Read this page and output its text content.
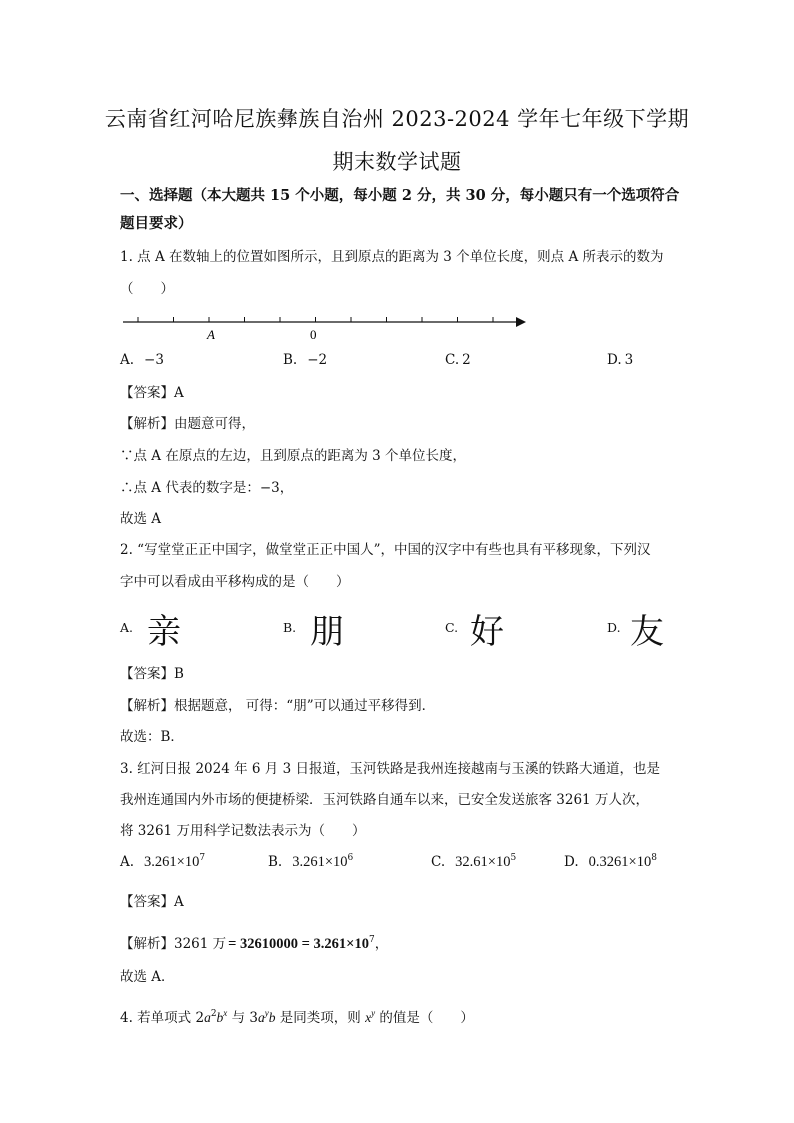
云南省红河哈尼族彝族自治州 2023-2024 学年七年级下学期
期末数学试题
一、选择题（本大题共 15 个小题，每小题 2 分，共 30 分，每小题只有一个选项符合题目要求）
1. 点 A 在数轴上的位置如图所示，且到原点的距离为 3 个单位长度，则点 A 所表示的数为
（　　）
A	0
A. −3	B. −2	C. 2	D. 3
【答案】A
【解析】由题意可得，
∵点 A 在原点的左边，且到原点的距离为 3 个单位长度，
∴点 A 代表的数字是：−3，
故选 A
2. “写堂堂正正中国字，做堂堂正正中国人”，中国的汉字中有些也具有平移现象，下列汉
字中可以看成由平移构成的是（　　）
A. 亲	B. 朋	C. 好	D. 友
【答案】B
【解析】根据题意， 可得：“朋”可以通过平移得到．
故选：B．
3. 红河日报 2024 年 6 月 3 日报道，玉河铁路是我州连接越南与玉溪的铁路大通道，也是
我州连通国内外市场的便捷桥梁．玉河铁路自通车以来，已安全发送旅客 3261 万人次，
将 3261 万用科学记数法表示为（　　）
A. $3.261\times 10^7$	B. $3.261\times 10^6$	C. $32.61\times 10^5$	D. $0.3261\times 10^8$
【答案】A
【解析】3261 万 = $32610000 = 3.261\times 10^7$，
故选 A．
4. 若单项式 $2a^2b^x$ 与 $3a^yb$ 是同类项，则 $x^y$ 的值是（　　）
